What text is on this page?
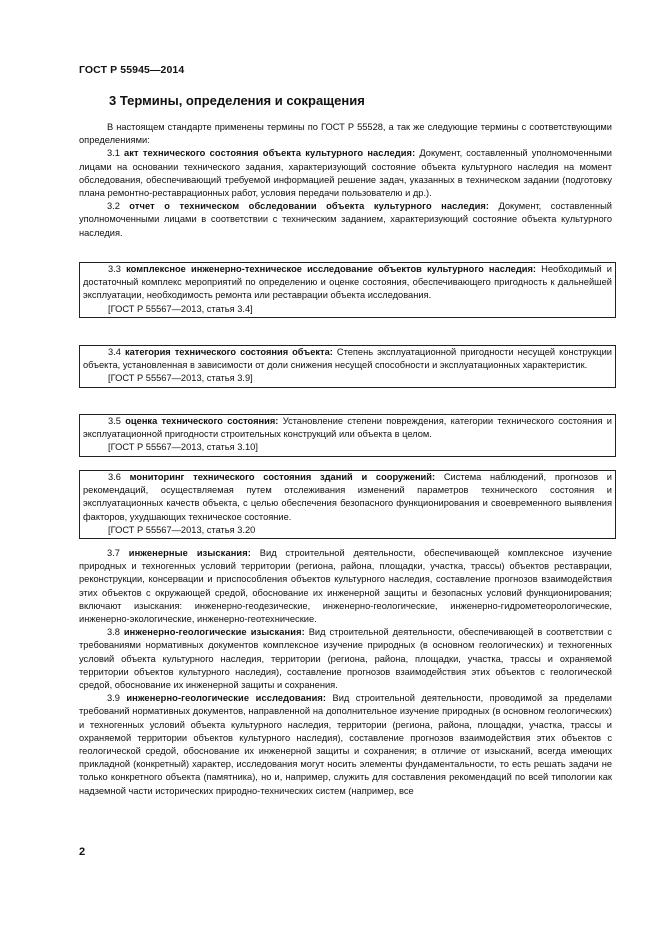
ГОСТ Р 55945—2014
3 Термины, определения и сокращения

В настоящем стандарте применены термины по ГОСТ Р 55528, а так же следующие термины с соответствующими определениями:

3.1 акт технического состояния объекта культурного наследия: Документ, составленный уполномоченными лицами на основании технического задания, характеризующий состояние объекта культурного наследия на момент обследования, обеспечивающий требуемой информацией решение задач, указанных в техническом задании (подготовку плана ремонтно-реставрационных работ, условия передачи пользователю и др.).

3.2 отчет о техническом обследовании объекта культурного наследия: Документ, составленный уполномоченными лицами в соответствии с техническим заданием, характеризующий состояние объекта культурного наследия.

3.3 комплексное инженерно-техническое исследование объектов культурного наследия: Необходимый и достаточный комплекс мероприятий по определению и оценке состояния, обеспечивающего пригодность к дальнейшей эксплуатации, необходимость ремонта или реставрации объекта исследования.

[ГОСТ Р 55567—2013, статья 3.4]

3.4 категория технического состояния объекта: Степень эксплуатационной пригодности несущей конструкции объекта, установленная в зависимости от доли снижения несущей способности и эксплуатационных характеристик.

[ГОСТ Р 55567—2013, статья 3.9]

3.5 оценка технического состояния: Установление степени повреждения, категории технического состояния и эксплуатационной пригодности строительных конструкций или объекта в целом.

[ГОСТ Р 55567—2013, статья 3.10]

3.6 мониторинг технического состояния зданий и сооружений: Система наблюдений, прогнозов и рекомендаций, осуществляемая путем отслеживания изменений параметров технического состояния и эксплуатационных качеств объекта, с целью обеспечения безопасного функционирования и своевременного выявления факторов, ухудшающих техническое состояние.

[ГОСТ Р 55567—2013, статья 3.20

3.7 инженерные изыскания: Вид строительной деятельности, обеспечивающей комплексное изучение природных и техногенных условий территории (региона, района, площадки, участка, трассы) объектов реставрации, реконструкции, консервации и приспособления объектов культурного наследия, составление прогнозов взаимодействия этих объектов с окружающей средой, обоснование их инженерной защиты и безопасных условий функционирования; включают изыскания: инженерно-геодезические, инженерно-геологические, инженерно-гидрометеорологические, инженерно-экологические, инженерно-геотехнические.

3.8 инженерно-геологические изыскания: Вид строительной деятельности, обеспечивающей в соответствии с требованиями нормативных документов комплексное изучение природных (в основном геологических) и техногенных условий объекта культурного наследия, территории (региона, района, площадки, участка, трассы и охраняемой территории объектов культурного наследия), составление прогнозов взаимодействия этих объектов с геологической средой, обоснование их инженерной защиты и сохранения.

3.9 инженерно-геологические исследования: Вид строительной деятельности, проводимой за пределами требований нормативных документов, направленной на дополнительное изучение природных (в основном геологических) и техногенных условий объекта культурного наследия, территории (региона, района, площадки, участка, трассы и охраняемой территории объектов культурного наследия), составление прогнозов взаимодействия этих объектов с геологической средой, обоснование их инженерной защиты и сохранения; в отличие от изысканий, всегда имеющих прикладной (конкретный) характер, исследования могут носить элементы фундаментальности, то есть решать задачи не только конкретного объекта (памятника), но и, например, служить для составления рекомендаций по всей типологии как надземной части исторических природно-технических систем (например, все

2
